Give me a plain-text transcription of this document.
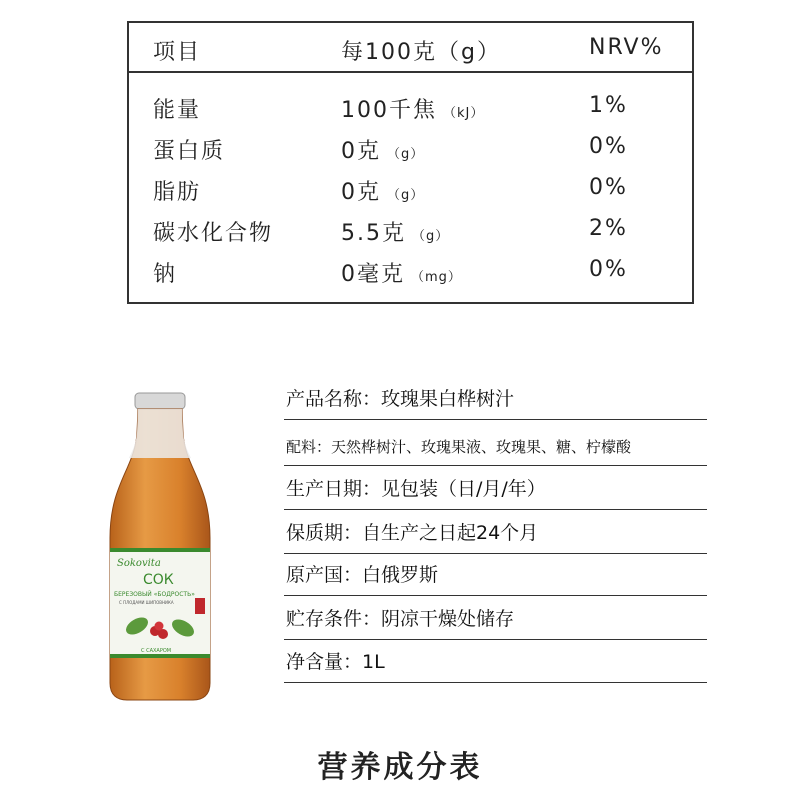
项目	每100克（g）	NRV%
能量	100千焦 （kJ）	1%
蛋白质	0克 （g）	0%
脂肪	0克 （g）	0%
碳水化合物	5.5克 （g）	2%
钠	0毫克 （mg）	0%
Sokovita
СОК
БЕРЕЗОВЫЙ «БОДРОСТЬ»
С ПЛОДАМИ ШИПОВНИКА
С САХАРОМ
产品名称：玫瑰果白桦树汁
配料：天然桦树汁、玫瑰果液、玫瑰果、糖、柠檬酸
生产日期：见包装（日/月/年）
保质期：自生产之日起24个月
原产国：白俄罗斯
贮存条件：阴凉干燥处储存
净含量：1L
营养成分表
